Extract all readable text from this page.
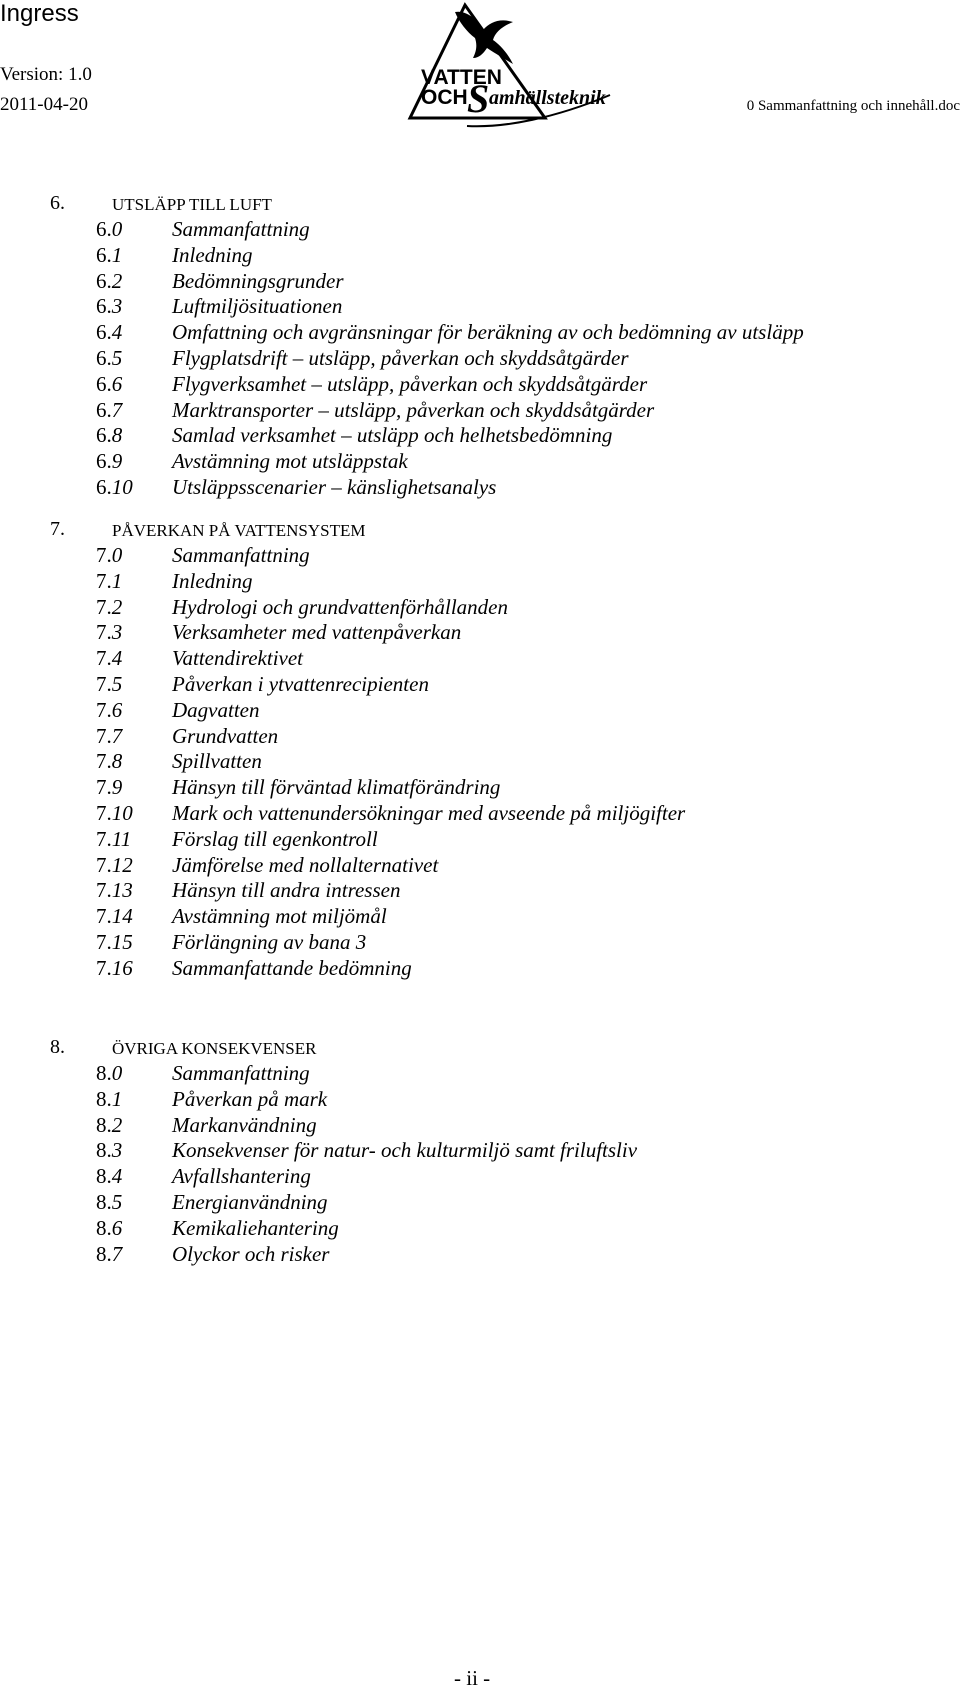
Ingress
Version: 1.0
2011-04-20	0 Sammanfattning och innehåll.doc
VATTEN
OCH S amhällsteknik
6.	UTSLÄPP TILL LUFT
6.0 Sammanfattning
6.1 Inledning
6.2 Bedömningsgrunder
6.3 Luftmiljösituationen
6.4 Omfattning och avgränsningar för beräkning av och bedömning av utsläpp
6.5 Flygplatsdrift – utsläpp, påverkan och skyddsåtgärder
6.6 Flygverksamhet – utsläpp, påverkan och skyddsåtgärder
6.7 Marktransporter – utsläpp, påverkan och skyddsåtgärder
6.8 Samlad verksamhet – utsläpp och helhetsbedömning
6.9 Avstämning mot utsläppstak
6.10 Utsläppsscenarier – känslighetsanalys
7.	PÅVERKAN PÅ VATTENSYSTEM
7.0 Sammanfattning
7.1 Inledning
7.2 Hydrologi och grundvattenförhållanden
7.3 Verksamheter med vattenpåverkan
7.4 Vattendirektivet
7.5 Påverkan i ytvattenrecipienten
7.6 Dagvatten
7.7 Grundvatten
7.8 Spillvatten
7.9 Hänsyn till förväntad klimatförändring
7.10 Mark och vattenundersökningar med avseende på miljögifter
7.11 Förslag till egenkontroll
7.12 Jämförelse med nollalternativet
7.13 Hänsyn till andra intressen
7.14 Avstämning mot miljömål
7.15 Förlängning av bana 3
7.16 Sammanfattande bedömning
8.	ÖVRIGA KONSEKVENSER
8.0 Sammanfattning
8.1 Påverkan på mark
8.2 Markanvändning
8.3 Konsekvenser för natur- och kulturmiljö samt friluftsliv
8.4 Avfallshantering
8.5 Energianvändning
8.6 Kemikaliehantering
8.7 Olyckor och risker
- ii -
